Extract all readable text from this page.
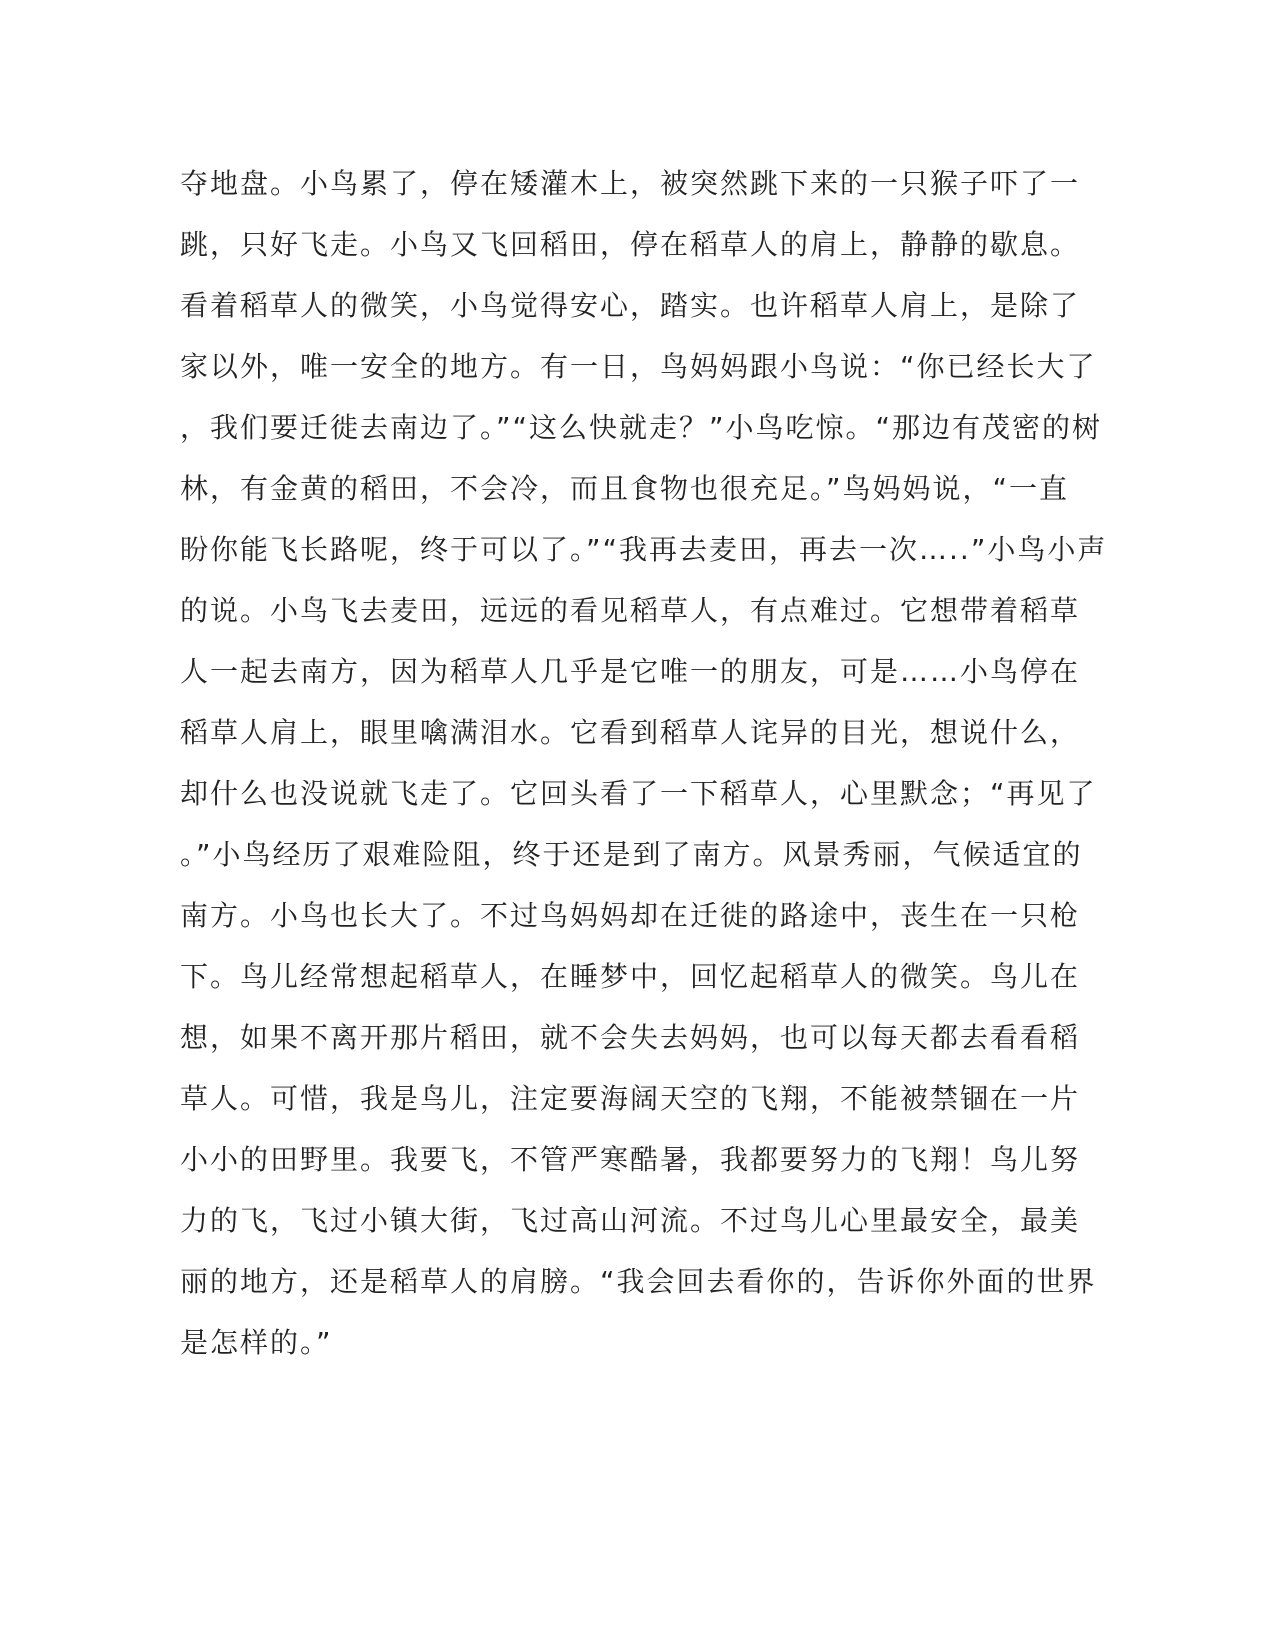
夺地盘。小鸟累了，停在矮灌木上，被突然跳下来的一只猴子吓了一
跳，只好飞走。小鸟又飞回稻田，停在稻草人的肩上，静静的歇息。
看着稻草人的微笑，小鸟觉得安心，踏实。也许稻草人肩上，是除了
家以外，唯一安全的地方。有一日，鸟妈妈跟小鸟说：“你已经长大了
，我们要迁徙去南边了。”“这么快就走？”小鸟吃惊。“那边有茂密的树
林，有金黄的稻田，不会冷，而且食物也很充足。”鸟妈妈说，“一直
盼你能飞长路呢，终于可以了。”“我再去麦田，再去一次…..”小鸟小声
的说。小鸟飞去麦田，远远的看见稻草人，有点难过。它想带着稻草
人一起去南方，因为稻草人几乎是它唯一的朋友，可是……小鸟停在
稻草人肩上，眼里噙满泪水。它看到稻草人诧异的目光，想说什么，
却什么也没说就飞走了。它回头看了一下稻草人，心里默念；“再见了
。”小鸟经历了艰难险阻，终于还是到了南方。风景秀丽，气候适宜的
南方。小鸟也长大了。不过鸟妈妈却在迁徙的路途中，丧生在一只枪
下。鸟儿经常想起稻草人，在睡梦中，回忆起稻草人的微笑。鸟儿在
想，如果不离开那片稻田，就不会失去妈妈，也可以每天都去看看稻
草人。可惜，我是鸟儿，注定要海阔天空的飞翔，不能被禁锢在一片
小小的田野里。我要飞，不管严寒酷暑，我都要努力的飞翔！鸟儿努
力的飞，飞过小镇大街，飞过高山河流。不过鸟儿心里最安全，最美
丽的地方，还是稻草人的肩膀。“我会回去看你的，告诉你外面的世界
是怎样的。”
